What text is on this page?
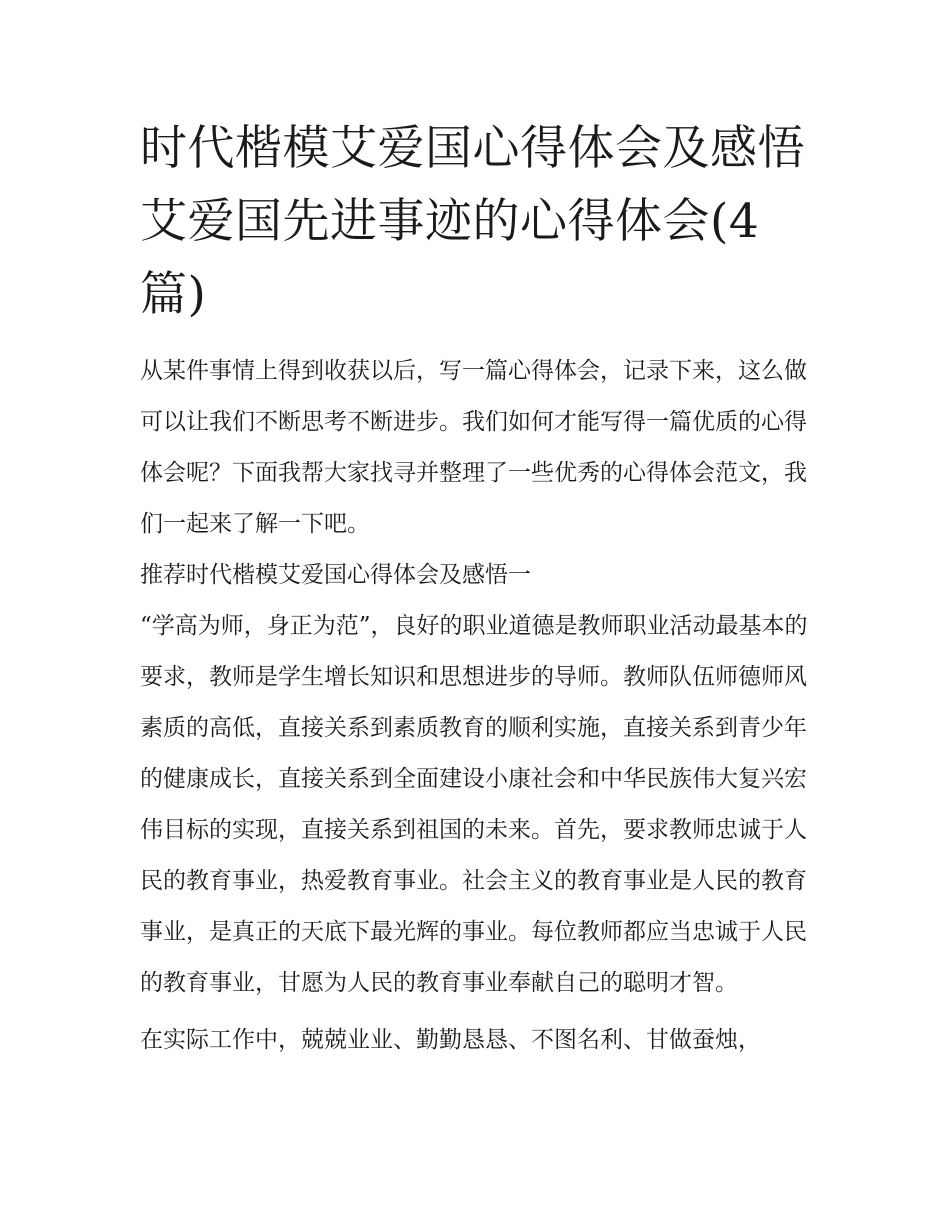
时代楷模艾爱国心得体会及感悟 艾爱国先进事迹的心得体会(4篇)

从某件事情上得到收获以后，写一篇心得体会，记录下来，这么做可以让我们不断思考不断进步。我们如何才能写得一篇优质的心得体会呢？下面我帮大家找寻并整理了一些优秀的心得体会范文，我们一起来了解一下吧。

推荐时代楷模艾爱国心得体会及感悟一

“学高为师，身正为范”，良好的职业道德是教师职业活动最基本的要求，教师是学生增长知识和思想进步的导师。教师队伍师德师风素质的高低，直接关系到素质教育的顺利实施，直接关系到青少年的健康成长，直接关系到全面建设小康社会和中华民族伟大复兴宏伟目标的实现，直接关系到祖国的未来。首先，要求教师忠诚于人民的教育事业，热爱教育事业。社会主义的教育事业是人民的教育事业，是真正的天底下最光辉的事业。每位教师都应当忠诚于人民的教育事业，甘愿为人民的教育事业奉献自己的聪明才智。

在实际工作中，兢兢业业、勤勤恳恳、不图名利、甘做蚕烛，
